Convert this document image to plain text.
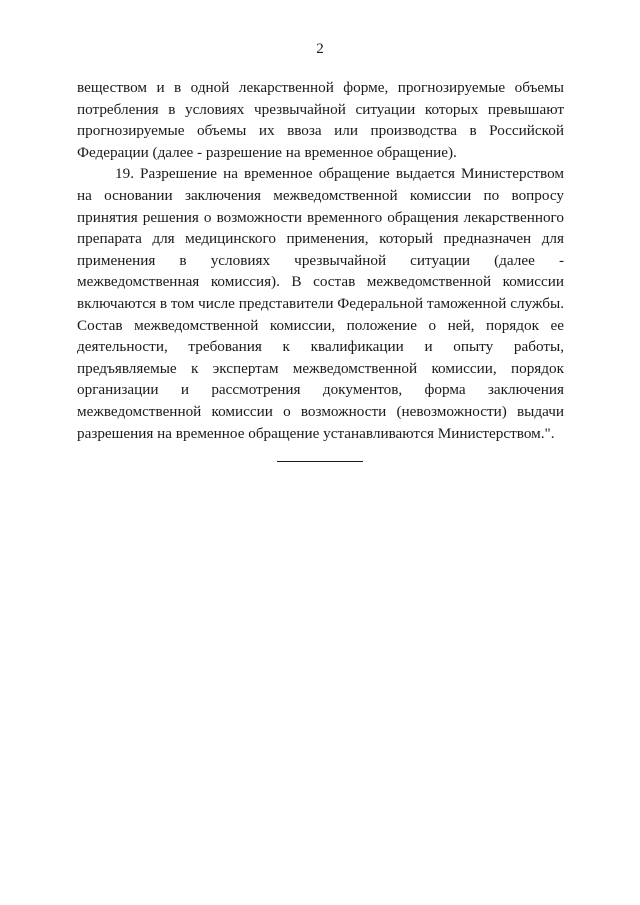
2

веществом и в одной лекарственной форме, прогнозируемые объемы потребления в условиях чрезвычайной ситуации которых превышают прогнозируемые объемы их ввоза или производства в Российской Федерации (далее - разрешение на временное обращение).

19. Разрешение на временное обращение выдается Министерством на основании заключения межведомственной комиссии по вопросу принятия решения о возможности временного обращения лекарственного препарата для медицинского применения, который предназначен для применения в условиях чрезвычайной ситуации (далее - межведомственная комиссия). В состав межведомственной комиссии включаются в том числе представители Федеральной таможенной службы. Состав межведомственной комиссии, положение о ней, порядок ее деятельности, требования к квалификации и опыту работы, предъявляемые к экспертам межведомственной комиссии, порядок организации и рассмотрения документов, форма заключения межведомственной комиссии о возможности (невозможности) выдачи разрешения на временное обращение устанавливаются Министерством.".
